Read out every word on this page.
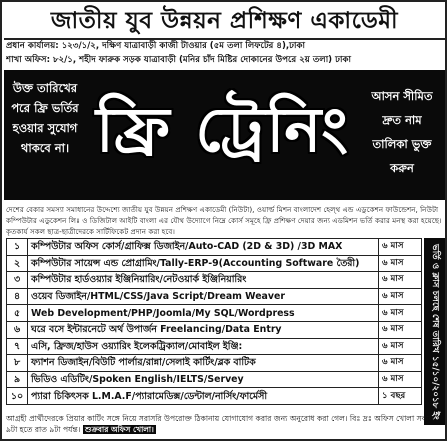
জাতীয় যুব উন্নয়ন প্রশিক্ষণ একাডেমী
প্রধান কার্যালয়: ১২৩/১/২, দক্ষিণ যাত্রাবাড়ী কাজী টাওয়ার (৫ম তলা লিফটের ৪),ঢাকা
শাখা অফিস: ৮২/১, শহীদ ফারুক সড়ক যাত্রাবাড়ী (মনির চাঁদ মিষ্টির দোকানের উপরে ২য় তলা) ঢাকা
উক্ত তারিখের পরে ফ্রি ভর্তির হওয়ার সুযোগ থাকবে না। ফ্রি ট্রেনিং	আসন সীমিত দ্রুত নাম তালিকা ভুক্ত করুন
দেশের বেকার সমস্যা সমাধানের উদ্দেশ্যে জাতীয় যুব উন্নয়ন প্রশিক্ষণ একাডেমী (নিউটা), ওয়ার্ল্ড মিশন বাংলাদেশ হেল্থ এন্ড এডুকেশন ফাউন্ডেশন, নিউটা কম্পিউটার এডুকেশন লিঃ ও ডিজিটাল আইটি বাংলা এর যৌথ উদ্যোগে নিম্নে কোর্স সমূহে ফ্রি প্রশিক্ষণ দেয়ার জন্য এডমিশন ভর্তি করার মনস্থ করা হয়েছে। কৃতকার্য সকল ছাত্র-ছাত্রীদেরকে সার্টিফিকেট প্রদান করা হবে।
১	কম্পিউটার অফিস কোর্স/গ্রাফিক্স ডিজাইন/Auto-CAD (2D & 3D) /3D MAX	৬ মাস
২	কম্পিউটার সায়েন্স এন্ড প্রোগ্রামিং/Tally-ERP-9(Accounting Software তৈরী)	৬ মাস
৩	কম্পিউটার হার্ডওয়্যার ইঞ্জিনিয়ারিং/নেটওয়ার্ক ইঞ্জিনিয়ারিং	৬ মাস
৪	ওয়েব ডিজাইন/HTML/CSS/Java Script/Dream Weaver	৬ মাস
৫	Web Development/PHP/Joomla/My SQL/Wordpress	৬ মাস
৬	ঘরে বসে ইন্টারনেটে অর্থ উপার্জন Freelancing/Data Entry	৬ মাস
৭	এসি, ফ্রিজ/হাউস ওয়্যারিং ইলেকট্রিক্যাল/মোবাইল ইঞ্জি:	৬ মাস
৮	ফ্যাশন ডিজাইন/বিউটি পার্লার/রান্না/সেলাই কার্টিং/ব্লক বাটিক	৬ মাস
৯	ভিডিও এডিটিং/Spoken English/IELTS/Servey	৬ মাস
১০	প্যারা চিকিৎসক L.M.A.F/প্যারামেডিক্স/ডেন্টাল/নার্সিং/ফার্মেসী	১ বছর	ভর্তি ও ক্লাস চলছে শেষ তারিখ ১৫/১০/২০১৮ ইং
আগ্রহী প্রার্থীদেরকে প্রিয়ার কার্টিং সঙ্গে নিয়ে সরাসরি উপরোক্ত ঠিকানায় যোগাযোগ করার জন্য অনুরোধ করা গেল। বিঃ দ্রঃ অফিস খোলা সকাল ৯টা হতে রাত ৯টা পর্যন্ত। শুক্রবার অফিস খোলা।
